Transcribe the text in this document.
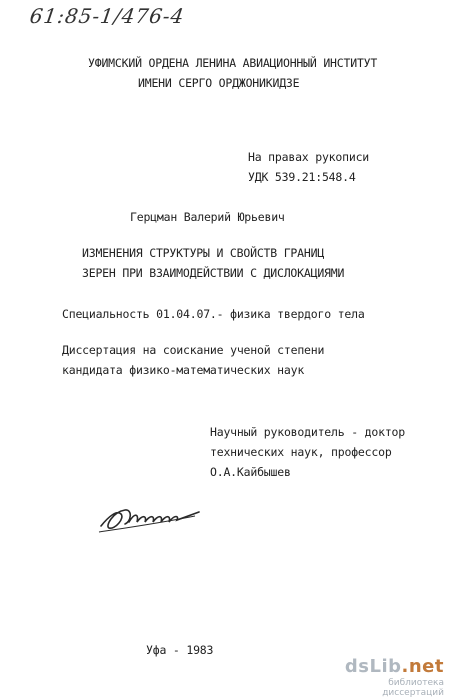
61:85-1/476-4
УФИМСКИЙ ОРДЕНА ЛЕНИНА АВИАЦИОННЫЙ ИНСТИТУТ
ИМЕНИ СЕРГО ОРДЖОНИКИДЗЕ
На правах рукописи
УДК 539.21:548.4
Герцман Валерий Юрьевич
ИЗМЕНЕНИЯ СТРУКТУРЫ И СВОЙСТВ ГРАНИЦ
ЗЕРЕН ПРИ ВЗАИМОДЕЙСТВИИ С ДИСЛОКАЦИЯМИ
Специальность 01.04.07.- физика твердого тела
Диссертация на соискание ученой степени
кандидата физико-математических наук
Научный руководитель - доктор
технических наук, профессор
О.А.Кайбышев
Уфа - 1983
dsLib.net
библиотека диссертаций
